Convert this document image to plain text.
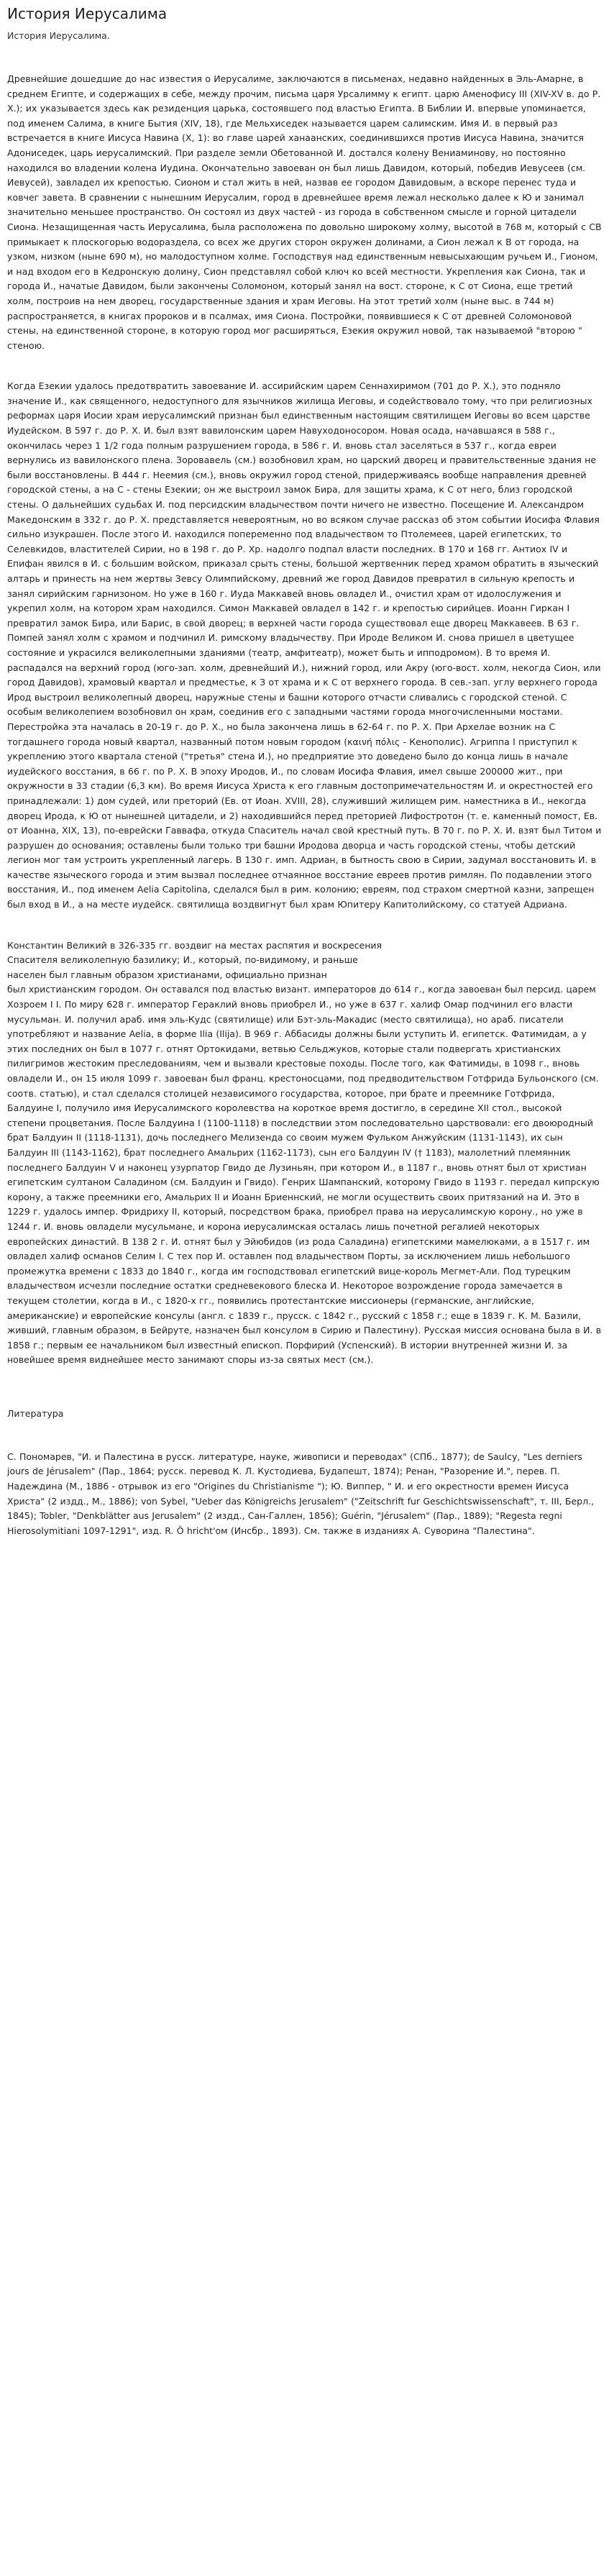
История Иерусалима
История Иерусалима.

Древнейшие дошедшие до нас известия о Иерусалиме, заключаются в письменах, недавно найденных в Эль-Амарне, в среднем Египте, и содержащих в себе, между прочим, письма царя Урсалимму к египт. царю Аменофису III (XIV-XV в. до Р. Х.); их указывается здесь как резиденция царька, состоявшего под властью Египта. В Библии И. впервые упоминается, под именем Салима, в книге Бытия (XIV, 18), где Мельхиседек называется царем салимским. Имя И. в первый раз встречается в книге Иисуса Навина (X, 1): во главе царей ханаанских, соединившихся против Иисуса Навина, значится Адониседек, царь иерусалимский. При разделе земли Обетованной И. достался колену Вениаминову, но постоянно находился во владении колена Иудина. Окончательно завоеван он был лишь Давидом, который, победив Иевусеев (см. Иевусей), завладел их крепостью. Сионом и стал жить в ней, назвав ее городом Давидовым, а вскоре перенес туда и ковчег завета. В сравнении с нынешним Иерусалим, город в древнейшее время лежал несколько далее к Ю и занимал значительно меньшее пространство. Он состоял из двух частей - из города в собственном смысле и горной цитадели Сиона. Незащищенная часть Иерусалима, была расположена по довольно широкому холму, высотой в 768 м, который с СВ примыкает к плоскогорью водораздела, со всех же других сторон окружен долинами, а Сион лежал к В от города, на узком, низком (ныне 690 м), но малодоступном холме. Господствуя над единственным невысыхающим ручьем И., Гионом, и над входом его в Кедронскую долину, Сион представлял собой ключ ко всей местности. Укрепления как Сиона, так и города И., начатые Давидом, были закончены Соломоном, который занял на вост. стороне, к С от Сиона, еще третий холм, построив на нем дворец, государственные здания и храм Иеговы. На этот третий холм (ныне выс. в 744 м) распространяется, в книгах пророков и в псалмах, имя Сиона. Постройки, появившиеся к С от древней Соломоновой стены, на единственной стороне, в которую город мог расширяться, Езекия окружил новой, так называемой "второю " стеною.

Когда Езекии удалось предотвратить завоевание И. ассирийским царем Сеннахиримом (701 до Р. Х.), это подняло значение И., как священного, недоступного для язычников жилища Иеговы, и содействовало тому, что при религиозных реформах царя Иосии храм иерусалимский признан был единственным настоящим святилищем Иеговы во всем царстве Иудейском. В 597 г. до Р. Х. И. был взят вавилонским царем Навуходоносором. Новая осада, начавшаяся в 588 г., окончилась через 1 1/2 года полным разрушением города, в 586 г. И. вновь стал заселяться в 537 г., когда евреи вернулись из вавилонского плена. Зоровавель (см.) возобновил храм, но царский дворец и правительственные здания не были восстановлены. В 444 г. Неемия (см.), вновь окружил город стеной, придерживаясь вообще направления древней городской стены, а на С - стены Езекии; он же выстроил замок Бира, для защиты храма, к С от него, близ городской стены. О дальнейших судьбах И. под персидским владычеством почти ничего не известно. Посещение И. Александром Македонским в 332 г. до Р. Х. представляется невероятным, но во всяком случае рассказ об этом событии Иосифа Флавия сильно изукрашен. После этого И. находился попеременно под владычеством то Птолемеев, царей египетских, то Селевкидов, властителей Сирии, но в 198 г. до Р. Хр. надолго подпал власти последних. В 170 и 168 гг. Антиох IV и Епифан явился в И. с большим войском, приказал срыть стены, большой жертвенник перед храмом обратить в языческий алтарь и принесть на нем жертвы Зевсу Олимпийскому, древний же город Давидов превратил в сильную крепость и занял сирийским гарнизоном. Но уже в 160 г. Иуда Маккавей вновь овладел И., очистил храм от идолослужения и укрепил холм, на котором храм находился. Симон Маккавей овладел в 142 г. и крепостью сирийцев. Иоанн Гиркан I превратил замок Бира, или Барис, в свой дворец; в верхней части города существовал еще дворец Маккавеев. В 63 г. Помпей занял холм с храмом и подчинил И. римскому владычеству. При Ироде Великом И. снова пришел в цветущее состояние и украсился великолепными зданиями (театр, амфитеатр), может быть и ипподромом). В то время И. распадался на верхний город (юго-зап. холм, древнейший И.), нижний город, или Акру (юго-вост. холм, некогда Сион, или город Давидов), храмовый квартал и предместье, к З от храма и к С от верхнего города. В сев.-зап. углу верхнего города Ирод выстроил великолепный дворец, наружные стены и башни которого отчасти сливались с городской стеной. С особым великолепием возобновил он храм, соединив его с западными частями города многочисленными мостами. Перестройка эта началась в 20-19 г. до Р. Х., но была закончена лишь в 62-64 г. по Р. Х. При Архелае возник на С тогдашнего города новый квартал, названный потом новым городом (καινή πόλις - Кенополис). Агриппа I приступил к укреплению этого квартала стеной ("третья" стена И.), но предприятие это доведено было до конца лишь в начале иудейского восстания, в 66 г. по Р. Х. В эпоху Иродов, И., по словам Иосифа Флавия, имел свыше 200000 жит., при окружности в 33 стадии (6,3 км). Во время Иисуса Христа к его главным достопримечательностям И. и окрестностей его принадлежали: 1) дом судей, или преторий (Ев. от Иоан. XVIII, 28), служивший жилищем рим. наместника в И., некогда дворец Ирода, к Ю от нынешней цитадели, и 2) находившийся перед преторией Лифостротон (т. е. каменный помост, Ев. от Иоанна, XIX, 13), по-еврейски Гаввафа, откуда Спаситель начал свой крестный путь. В 70 г. по Р. Х. И. взят был Титом и разрушен до основания; оставлены были только три башни Иродова дворца и часть городской стены, чтобы детский легион мог там устроить укрепленный лагерь. В 130 г. имп. Адриан, в бытность свою в Сирии, задумал восстановить И. в качестве языческого города и этим вызвал последнее отчаянное восстание евреев против римлян. По подавлении этого восстания, И., под именем Aelia Capitolina, сделался был в рим. колонию; евреям, под страхом смертной казни, запрещен был вход в И., а на месте иудейск. святилища воздвигнут был храм Юпитеру Капитолийскому, со статуей Адриана.

Константин Великий в 326-335 гг. воздвиг на местах распятия и воскресения
Спасителя великолепную базилику; И., который, по-видимому, и раньше
населен был главным образом христианами, официально признан
был христианским городом. Он оставался под властью визант. императоров до 614 г., когда завоеван был персид. царем Хозроем I I. По миру 628 г. император Гераклий вновь приобрел И., но уже в 637 г. халиф Омар подчинил его власти мусульман. И. получил араб. имя эль-Кудс (святилище) или Бэт-эль-Макадис (место святилища), но араб. писатели употребляют и название Aelia, в форме Ilia (Ilija). В 969 г. Аббасиды должны были уступить И. египетск. Фатимидам, а у этих последних он был в 1077 г. отнят Ортокидами, ветвью Сельджуков, которые стали подвергать христианских пилигримов жестоким преследованиям, чем и вызвали крестовые походы. После того, как Фатимиды, в 1098 г., вновь овладели И., он 15 июля 1099 г. завоеван был франц. крестоносцами, под предводительством Готфрида Бульонского (см. соотв. статью), и стал сделался столицей независимого государства, которое, при брате и преемнике Готфрида, Балдуине I, получило имя Иерусалимского королевства на короткое время достигло, в середине XII стол., высокой степени процветания. После Балдуина I (1100-1118) в последствии этом последовательно царствовали: его двоюродный брат Балдуин II (1118-1131), дочь последнего Мелизенда со своим мужем Фульком Анжуйским (1131-1143), их сын Балдуин III (1143-1162), брат последнего Амальрих (1162-1173), сын его Балдуин IV († 1183), малолетний племянник последнего Балдуин V и наконец узурпатор Гвидо де Лузиньян, при котором И., в 1187 г., вновь отнят был от христиан египетским султаном Саладином (см. Балдуин и Гвидо). Генрих Шампанский, которому Гвидо в 1193 г. передал кипрскую корону, а также преемники его, Амальрих II и Иоанн Бриеннский, не могли осуществить своих притязаний на И. Это в 1229 г. удалось импер. Фридриху II, который, посредством брака, приобрел права на иерусалимскую корону., но уже в 1244 г. И. вновь овладели мусульмане, и корона иерусалимская осталась лишь почетной регалией некоторых европейских династий. В 138 2 г. И. отнят был у Эйюбидов (из рода Саладина) египетскими мамелюками, а в 1517 г. им овладел халиф османов Селим I. С тех пор И. оставлен под владычеством Порты, за исключением лишь небольшого промежутка времени с 1833 до 1840 г., когда им господствовал египетский вице-король Мегмет-Али. Под турецким владычеством исчезли последние остатки средневекового блеска И. Некоторое возрождение города замечается в текущем столетии, когда в И., с 1820-х гг., появились протестантские миссионеры (германские, английские, американские) и европейские консулы (англ. с 1839 г., прусск. с 1842 г., русский с 1858 г.; еще в 1839 г. К. М. Базили, живший, главным образом, в Бейруте, назначен был консулом в Сирию и Палестину). Русская миссия основана была в И. в 1858 г.; первым ее начальником был известный епископ. Порфирий (Успенский). В истории внутренней жизни И. за новейшее время виднейшее место занимают споры из-за святых мест (см.).

Литература

С. Пономарев, "И. и Палестина в русск. литературе, науке, живописи и переводах" (СПб., 1877); de Saulcy, "Les derniers jours de Jérusalem" (Пар., 1864; русск. перевод К. Л. Кустодиева, Будапешт, 1874); Ренан, "Разорение И.", перев. П. Надеждина (М., 1886 - отрывок из его "Origines du Christianisme "); Ю. Виппер, " И. и его окрестности времен Иисуса Христа" (2 издд., М., 1886); von Sybel, "Ueber das Königreichs Jerusalem" ("Zeitschrift fur Geschichtswissenschaft", т. III, Берл., 1845); Tobler, "Denkblätter aus Jerusalem" (2 издд., Сан-Галлен, 1856); Guérin, "Jérusalem" (Пар., 1889); "Regesta regni Hierosolymitiani 1097-1291", изд. R. Ö hricht'ом (Инсбр., 1893). См. также в изданиях А. Суворина "Палестина".
